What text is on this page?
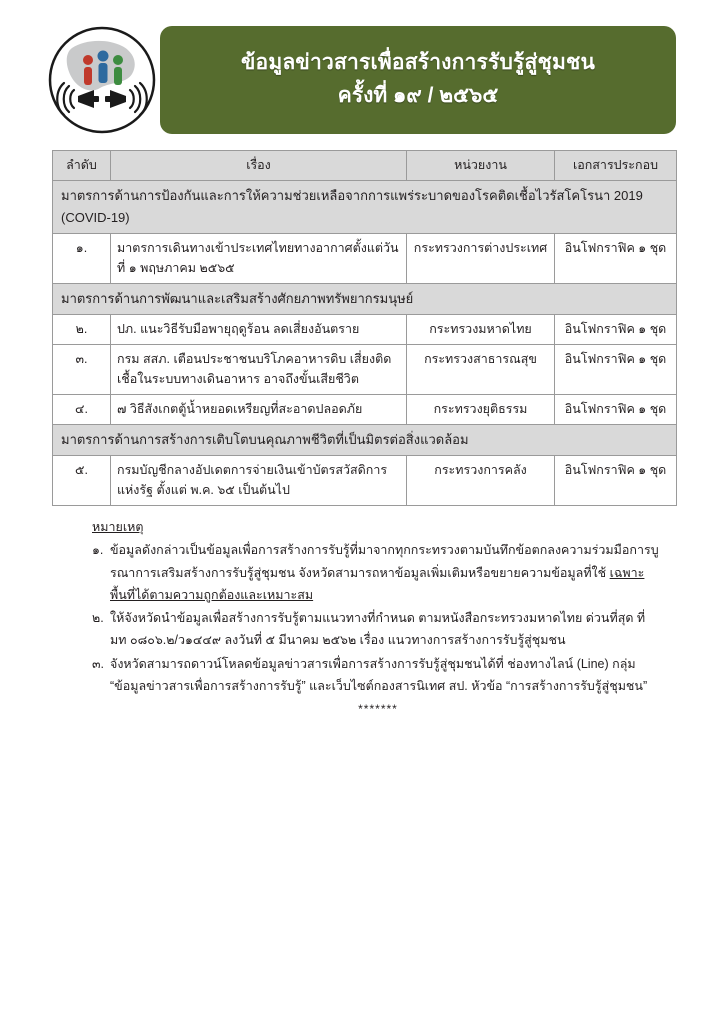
ข้อมูลข่าวสารเพื่อสร้างการรับรู้สู่ชุมชน
ครั้งที่ ๑๙ / ๒๕๖๕
ลำดับ	เรื่อง	หน่วยงาน	เอกสารประกอบ
มาตรการด้านการป้องกันและการให้ความช่วยเหลือจากการแพร่ระบาดของโรคติดเชื้อไวรัสโคโรนา 2019 (COVID-19)			
๑.	มาตรการเดินทางเข้าประเทศไทยทางอากาศตั้งแต่วันที่ ๑ พฤษภาคม ๒๕๖๕	กระทรวงการต่างประเทศ	อินโฟกราฟิค ๑ ชุด
มาตรการด้านการพัฒนาและเสริมสร้างศักยภาพทรัพยากรมนุษย์			
๒.	ปภ. แนะวิธีรับมือพายุฤดูร้อน ลดเสี่ยงอันตราย	กระทรวงมหาดไทย	อินโฟกราฟิค ๑ ชุด
๓.	กรม สสภ. เตือนประชาชนบริโภคอาหารดิบ เสี่ยงติดเชื้อในระบบทางเดินอาหาร อาจถึงขั้นเสียชีวิต	กระทรวงสาธารณสุข	อินโฟกราฟิค ๑ ชุด
๔.	๗ วิธีสังเกตตู้น้ำหยอดเหรียญที่สะอาดปลอดภัย	กระทรวงยุติธรรม	อินโฟกราฟิค ๑ ชุด
มาตรการด้านการสร้างการเติบโตบนคุณภาพชีวิตที่เป็นมิตรต่อสิ่งแวดล้อม			
๕.	กรมบัญชีกลางอัปเดตการจ่ายเงินเข้าบัตรสวัสดิการแห่งรัฐ ตั้งแต่ พ.ค. ๖๕ เป็นต้นไป	กระทรวงการคลัง	อินโฟกราฟิค ๑ ชุด
หมายเหตุ
๑. ข้อมูลดังกล่าวเป็นข้อมูลเพื่อการสร้างการรับรู้ที่มาจากทุกกระทรวงตามบันทึกข้อตกลงความร่วมมือการบูรณาการเสริมสร้างการรับรู้สู่ชุมชน จังหวัดสามารถหาข้อมูลเพิ่มเติมหรือขยายความข้อมูลที่ใช้ เฉพาะพื้นที่ได้ตามความถูกต้องและเหมาะสม
๒. ให้จังหวัดนำข้อมูลเพื่อสร้างการรับรู้ตามแนวทางที่กำหนด ตามหนังสือกระทรวงมหาดไทย ด่วนที่สุด ที่ มท ๐๘๐๖.๒/ว๑๔๔๙ ลงวันที่ ๕ มีนาคม ๒๕๖๒ เรื่อง แนวทางการสร้างการรับรู้สู่ชุมชน
๓. จังหวัดสามารถดาวน์โหลดข้อมูลข่าวสารเพื่อการสร้างการรับรู้สู่ชุมชนได้ที่ ช่องทางไลน์ (Line) กลุ่ม “ข้อมูลข่าวสารเพื่อการสร้างการรับรู้” และเว็บไซต์กองสารนิเทศ สป. หัวข้อ “การสร้างการรับรู้สู่ชุมชน”
*******
